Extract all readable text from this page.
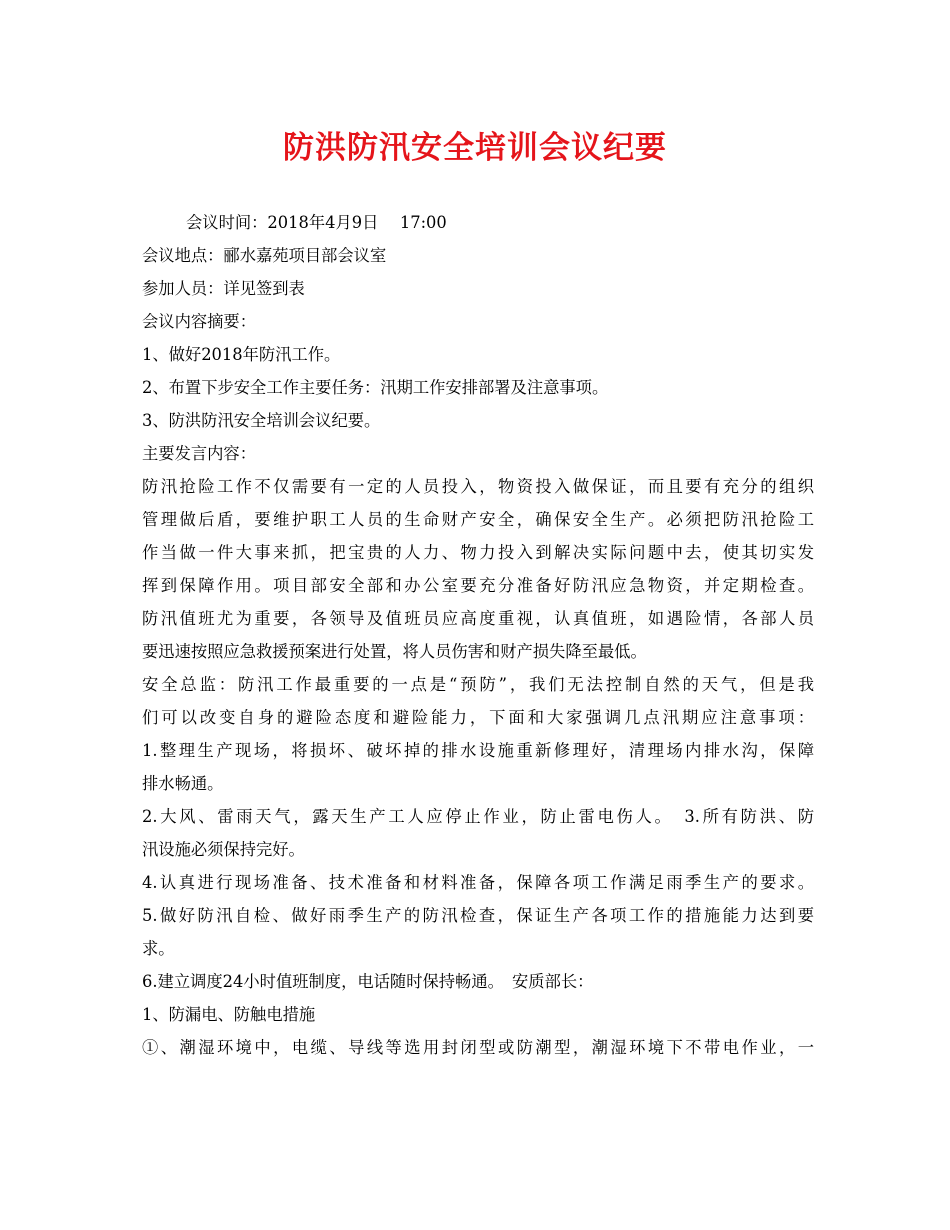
防洪防汛安全培训会议纪要
会议时间：2018年4月9日　 17:00
会议地点：郦水嘉苑项目部会议室
参加人员：详见签到表
会议内容摘要：
1、做好2018年防汛工作。
2、布置下步安全工作主要任务：汛期工作安排部署及注意事项。
3、防洪防汛安全培训会议纪要。
主要发言内容：
防汛抢险工作不仅需要有一定的人员投入，物资投入做保证，而且要有充分的组织
管理做后盾，要维护职工人员的生命财产安全，确保安全生产。必须把防汛抢险工
作当做一件大事来抓，把宝贵的人力、物力投入到解决实际问题中去，使其切实发
挥到保障作用。项目部安全部和办公室要充分准备好防汛应急物资，并定期检查。
防汛值班尤为重要，各领导及值班员应高度重视，认真值班，如遇险情，各部人员
要迅速按照应急救援预案进行处置，将人员伤害和财产损失降至最低。
安全总监：防汛工作最重要的一点是“预防”，我们无法控制自然的天气，但是我
们可以改变自身的避险态度和避险能力，下面和大家强调几点汛期应注意事项：
1.整理生产现场，将损坏、破坏掉的排水设施重新修理好，清理场内排水沟，保障
排水畅通。
2.大风、雷雨天气，露天生产工人应停止作业，防止雷电伤人。　3.所有防洪、防
汛设施必须保持完好。
4.认真进行现场准备、技术准备和材料准备，保障各项工作满足雨季生产的要求。
5.做好防汛自检、做好雨季生产的防汛检查，保证生产各项工作的措施能力达到要
求。
6.建立调度24小时值班制度，电话随时保持畅通。　安质部长：
1、防漏电、防触电措施
①、潮湿环境中，电缆、导线等选用封闭型或防潮型，潮湿环境下不带电作业，一
